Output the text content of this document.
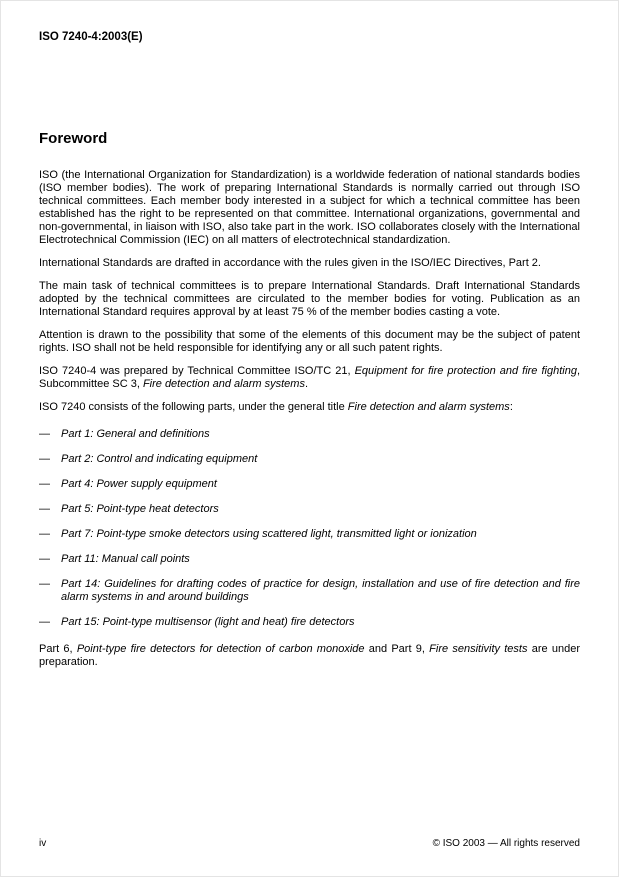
ISO 7240-4:2003(E)

Foreword

ISO (the International Organization for Standardization) is a worldwide federation of national standards bodies (ISO member bodies). The work of preparing International Standards is normally carried out through ISO technical committees. Each member body interested in a subject for which a technical committee has been established has the right to be represented on that committee. International organizations, governmental and non-governmental, in liaison with ISO, also take part in the work. ISO collaborates closely with the International Electrotechnical Commission (IEC) on all matters of electrotechnical standardization.

International Standards are drafted in accordance with the rules given in the ISO/IEC Directives, Part 2.

The main task of technical committees is to prepare International Standards. Draft International Standards adopted by the technical committees are circulated to the member bodies for voting. Publication as an International Standard requires approval by at least 75 % of the member bodies casting a vote.

Attention is drawn to the possibility that some of the elements of this document may be the subject of patent rights. ISO shall not be held responsible for identifying any or all such patent rights.

ISO 7240-4 was prepared by Technical Committee ISO/TC 21, Equipment for fire protection and fire fighting, Subcommittee SC 3, Fire detection and alarm systems.

ISO 7240 consists of the following parts, under the general title Fire detection and alarm systems:

— Part 1: General and definitions
— Part 2: Control and indicating equipment
— Part 4: Power supply equipment
— Part 5: Point-type heat detectors
— Part 7: Point-type smoke detectors using scattered light, transmitted light or ionization
— Part 11: Manual call points
— Part 14: Guidelines for drafting codes of practice for design, installation and use of fire detection and fire alarm systems in and around buildings
— Part 15: Point-type multisensor (light and heat) fire detectors

Part 6, Point-type fire detectors for detection of carbon monoxide and Part 9, Fire sensitivity tests are under preparation.

iv	© ISO 2003 — All rights reserved
